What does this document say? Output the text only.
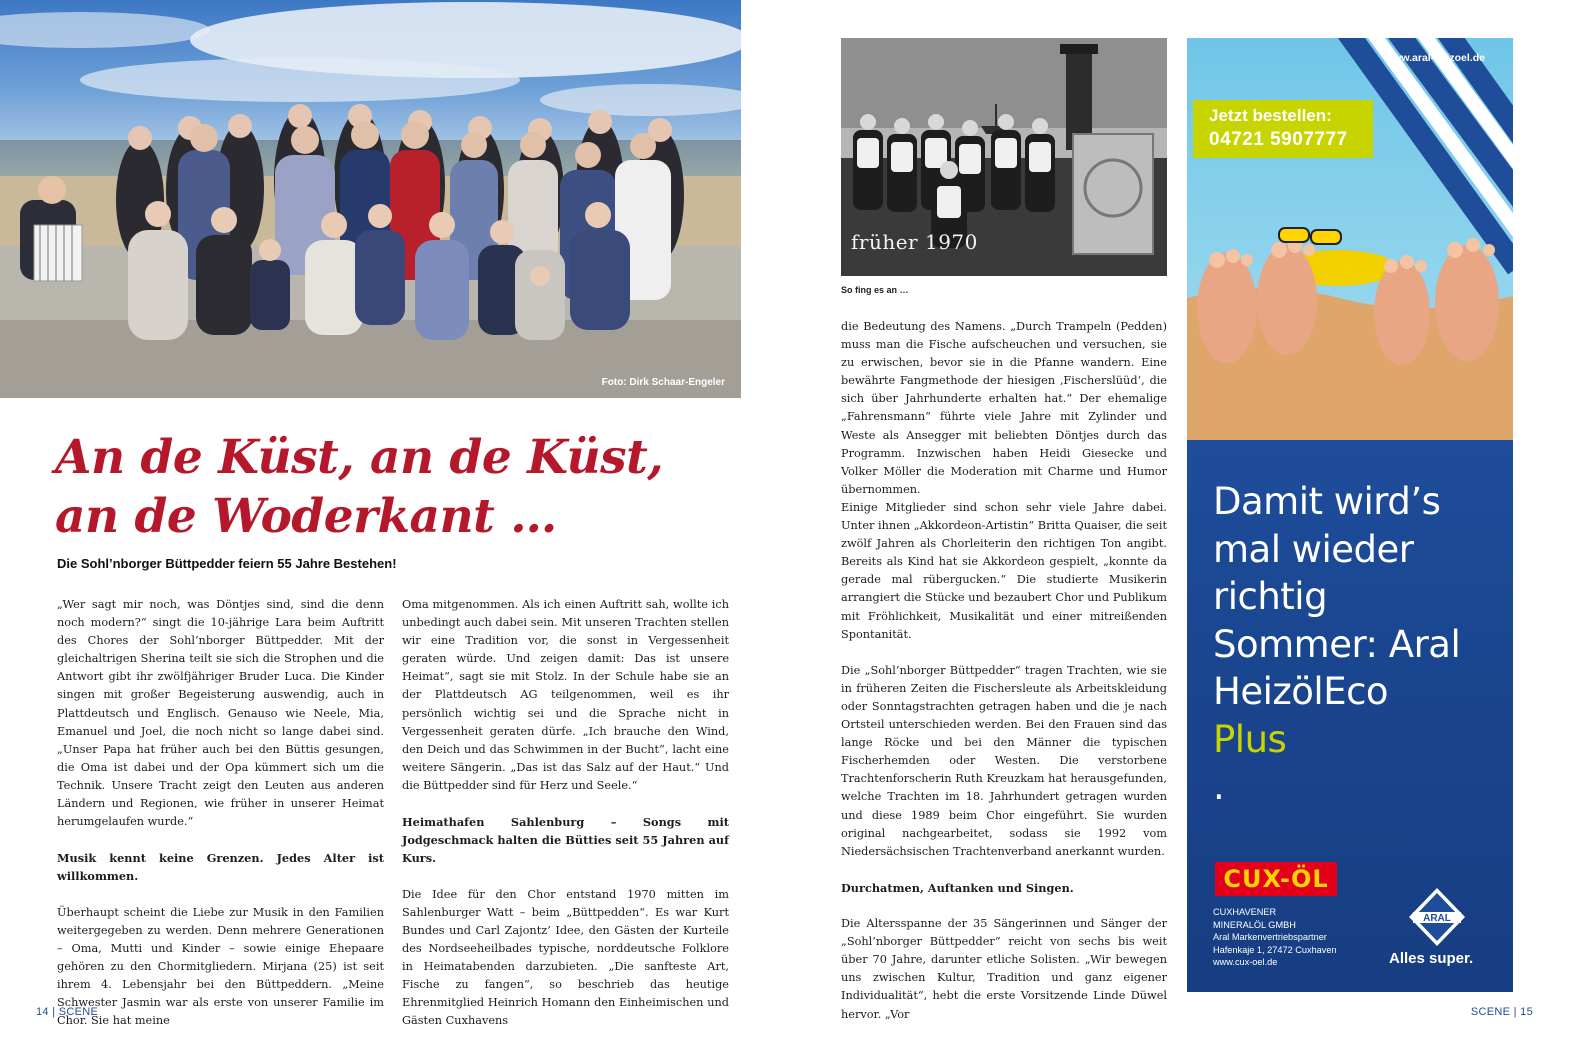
Foto: Dirk Schaar-Engeler
An de Küst, an de Küst,
an de Woderkant …
Die Sohl’nborger Büttpedder feiern 55 Jahre Bestehen!

„Wer sagt mir noch, was Döntjes sind, sind die denn noch modern?“ singt die 10-jährige Lara beim Auftritt des Chores der Sohl’nborger Büttpedder. Mit der gleichaltrigen Sherina teilt sie sich die Strophen und die Antwort gibt ihr zwölfjähriger Bruder Luca. Die Kinder singen mit großer Begeisterung auswendig, auch in Plattdeutsch und Englisch. Genauso wie Neele, Mia, Emanuel und Joel, die noch nicht so lange dabei sind. „Unser Papa hat früher auch bei den Büttis gesungen, die Oma ist dabei und der Opa kümmert sich um die Technik. Unsere Tracht zeigt den Leuten aus anderen Ländern und Regionen, wie früher in unserer Heimat herumgelaufen wurde.“

Musik kennt keine Grenzen. Jedes Alter ist willkommen.

Überhaupt scheint die Liebe zur Musik in den Familien weitergegeben zu werden. Denn mehrere Generationen – Oma, Mutti und Kinder – sowie einige Ehepaare gehören zu den Chormitgliedern. Mirjana (25) ist seit ihrem 4. Lebensjahr bei den Büttpeddern. „Meine Schwester Jasmin war als erste von unserer Familie im Chor. Sie hat meine

Oma mitgenommen. Als ich einen Auftritt sah, wollte ich unbedingt auch dabei sein. Mit unseren Trachten stellen wir eine Tradition vor, die sonst in Vergessenheit geraten würde. Und zeigen damit: Das ist unsere Heimat“, sagt sie mit Stolz. In der Schule habe sie an der Plattdeutsch AG teilgenommen, weil es ihr persönlich wichtig sei und die Sprache nicht in Vergessenheit geraten dürfe. „Ich brauche den Wind, den Deich und das Schwimmen in der Bucht“, lacht eine weitere Sängerin. „Das ist das Salz auf der Haut.“ Und die Büttpedder sind für Herz und Seele.“

Heimathafen Sahlenburg – Songs mit Jodgeschmack halten die Bütties seit 55 Jahren auf Kurs.

Die Idee für den Chor entstand 1970 mitten im Sahlenburger Watt – beim „Büttpedden“. Es war Kurt Bundes und Carl Zajontz’ Idee, den Gästen der Kurteile des Nordseeheilbades typische, norddeutsche Folklore in Heimatabenden darzubieten. „Die sanfteste Art, Fische zu fangen“, so beschrieb das heutige Ehrenmitglied Heinrich Homann den Einheimischen und Gästen Cuxhavens

14 | SCENE
früher 1970
So fing es an …

die Bedeutung des Namens. „Durch Trampeln (Pedden) muss man die Fische aufscheuchen und versuchen, sie zu erwischen, bevor sie in die Pfanne wandern. Eine bewährte Fangmethode der hiesigen ‚Fischerslüüd‘, die sich über Jahrhunderte erhalten hat.“ Der ehemalige „Fahrensmann“ führte viele Jahre mit Zylinder und Weste als Ansegger mit beliebten Döntjes durch das Programm. Inzwischen haben Heidi Giesecke und Volker Möller die Moderation mit Charme und Humor übernommen.

Einige Mitglieder sind schon sehr viele Jahre dabei. Unter ihnen „Akkordeon-Artistin“ Britta Quaiser, die seit zwölf Jahren als Chorleiterin den richtigen Ton angibt. Bereits als Kind hat sie Akkordeon gespielt, „konnte da gerade mal rübergucken.“ Die studierte Musikerin arrangiert die Stücke und bezaubert Chor und Publikum mit Fröhlichkeit, Musikalität und einer mitreißenden Spontanität.

Die „Sohl’nborger Büttpedder“ tragen Trachten, wie sie in früheren Zeiten die Fischersleute als Arbeitskleidung oder Sonntagstrachten getragen haben und die je nach Ortsteil unterschieden werden. Bei den Frauen sind das lange Röcke und bei den Männer die typischen Fischerhemden oder Westen. Die verstorbene Trachtenforscherin Ruth Kreuzkam hat herausgefunden, welche Trachten im 18. Jahrhundert getragen wurden und diese 1989 beim Chor eingeführt. Sie wurden original nachgearbeitet, sodass sie 1992 vom Niedersächsischen Trachtenverband anerkannt wurden.

Durchatmen, Auftanken und Singen.

Die Altersspanne der 35 Sängerinnen und Sänger der „Sohl’nborger Büttpedder“ reicht von sechs bis weit über 70 Jahre, darunter etliche Solisten. „Wir bewegen uns zwischen Kultur, Tradition und ganz eigener Individualität“, hebt die erste Vorsitzende Linde Düwel hervor. „Vor

www.aral-heizoel.de
Jetzt bestellen:
04721 5907777
Damit wird’s
mal wieder
richtig
Sommer: Aral
HeizölEco
Plus
.
CUX-ÖL
CUXHAVENER
MINERALÖL GMBH
Aral Markenvertriebspartner
Hafenkaje 1, 27472 Cuxhaven
www.cux-oel.de
ARAL
Alles super.
SCENE | 15
